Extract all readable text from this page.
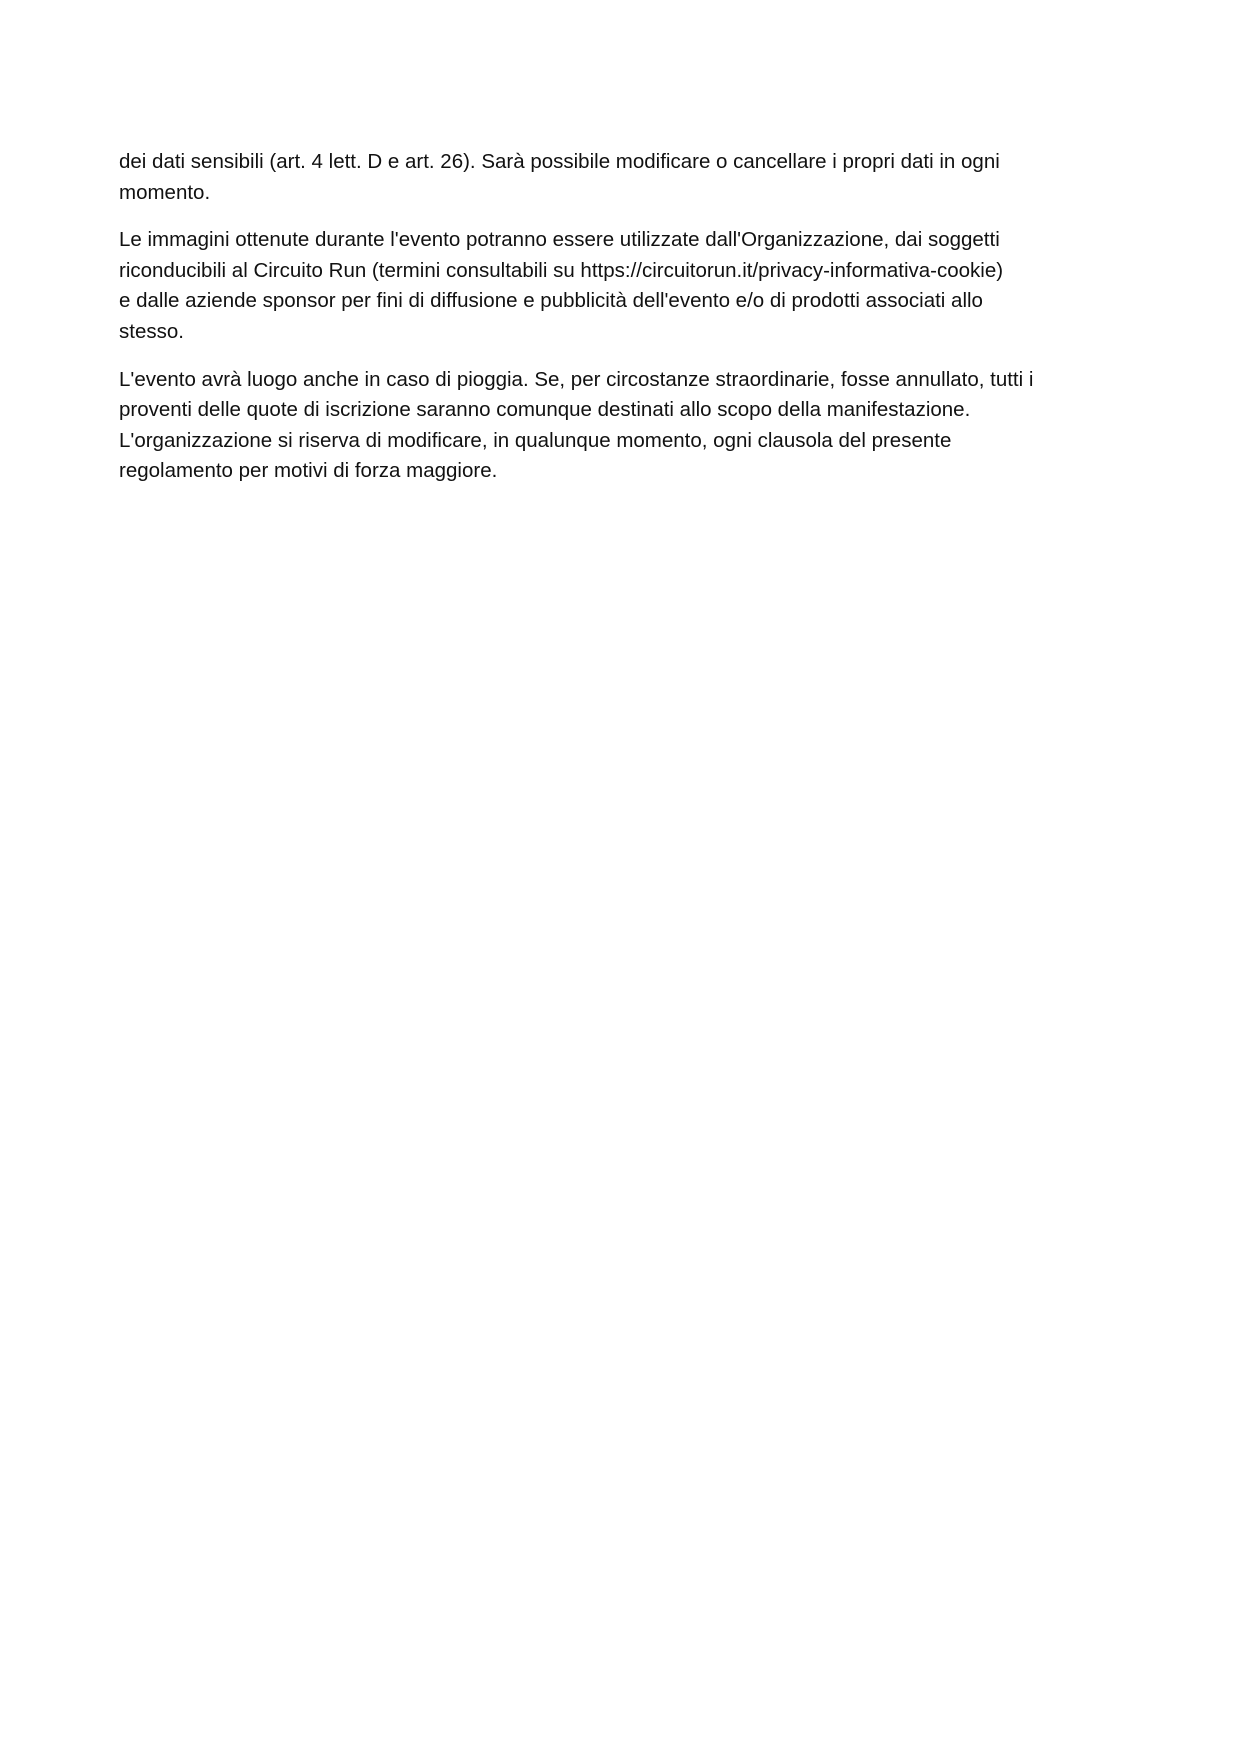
dei dati sensibili (art. 4 lett. D e art. 26). Sarà possibile modificare o cancellare i propri dati in ogni
momento.

Le immagini ottenute durante l'evento potranno essere utilizzate dall'Organizzazione, dai soggetti
riconducibili al Circuito Run (termini consultabili su https://circuitorun.it/privacy-informativa-cookie)
e dalle aziende sponsor per fini di diffusione e pubblicità dell'evento e/o di prodotti associati allo
stesso.

L'evento avrà luogo anche in caso di pioggia. Se, per circostanze straordinarie, fosse annullato, tutti i
proventi delle quote di iscrizione saranno comunque destinati allo scopo della manifestazione.
L'organizzazione si riserva di modificare, in qualunque momento, ogni clausola del presente
regolamento per motivi di forza maggiore.
